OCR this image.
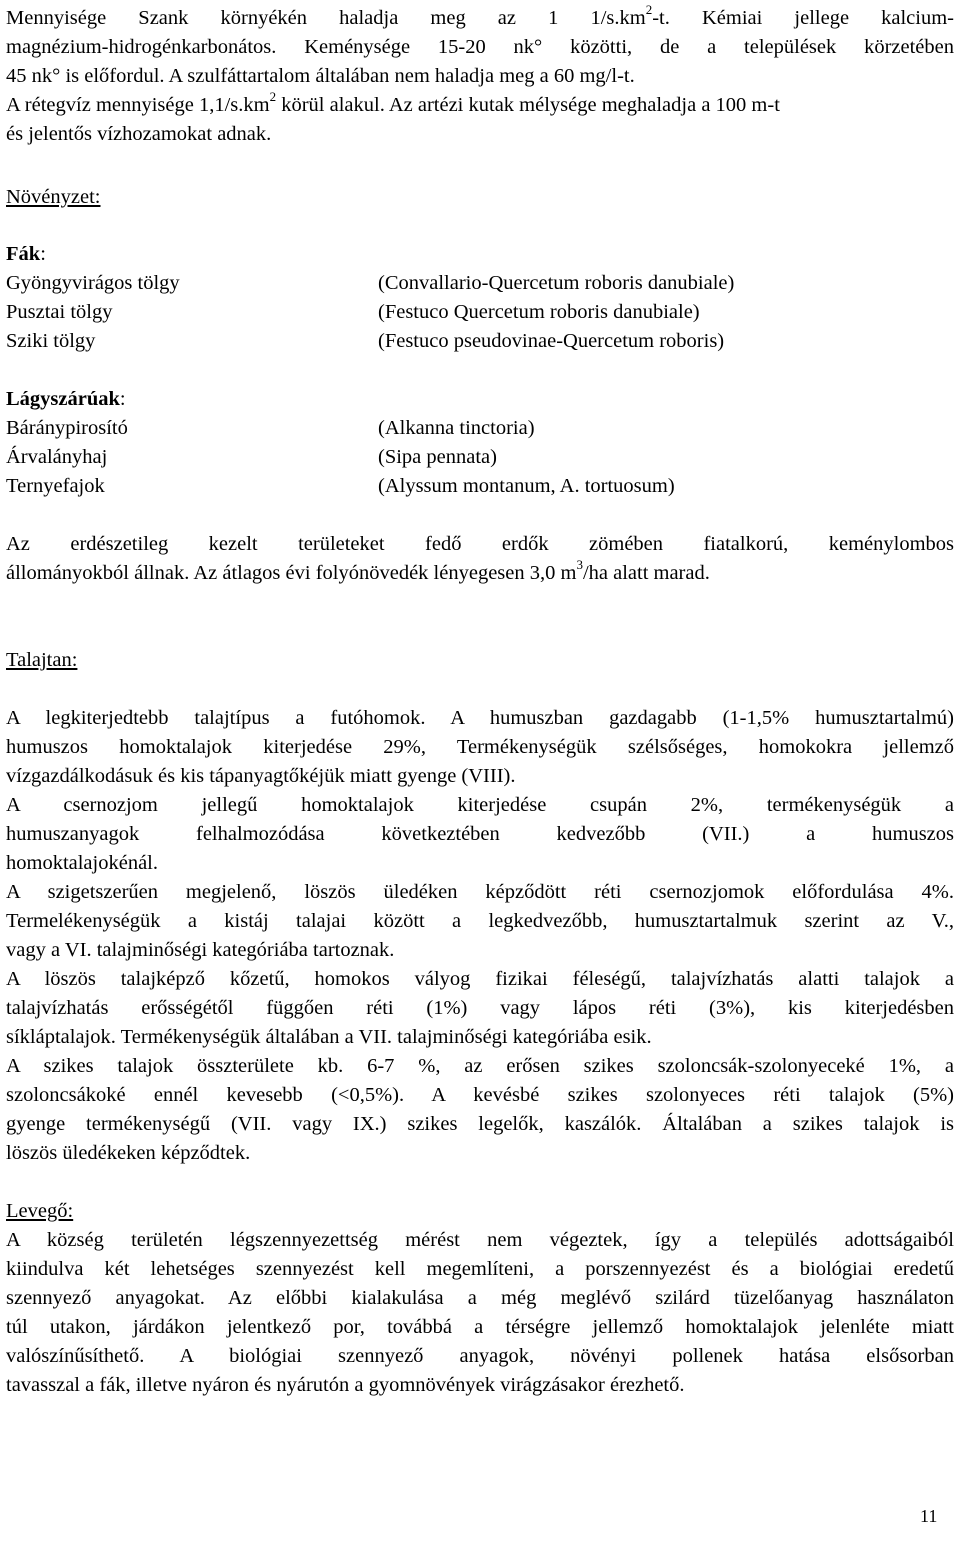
Mennyisége Szank környékén haladja meg az 1 $1/s.km^2-t$. Kémiai jellege kalcium-
magnézium-hidrogénkarbonátos. Keménysége 15-20 nk° közötti, de a települések körzetében
45 nk° is előfordul. A szulfáttartalom általában nem haladja meg a 60 mg/l-t.
A rétegvíz mennyisége $1,1/s.km^2$ körül alakul. Az artézi kutak mélysége meghaladja a 100 m-t
és jelentős vízhozamokat adnak.
Növényzet:
Fák:
Gyöngyvirágos tölgy	(Convallario-Quercetum roboris danubiale)
Pusztai tölgy	(Festuco Quercetum roboris danubiale)
Sziki tölgy	(Festuco pseudovinae-Quercetum roboris)
Lágyszárúak:
Báránypirosító	(Alkanna tinctoria)
Árvalányhaj	(Sipa pennata)
Ternyefajok	(Alyssum montanum, A. tortuosum)
Az erdészetileg kezelt területeket fedő erdők zömében fiatalkorú, keménylombos
állományokból állnak. Az átlagos évi folyónövedék lényegesen 3,0 $m^3/ha$ alatt marad.
Talajtan:
A legkiterjedtebb talajtípus a futóhomok. A humuszban gazdagabb (1-1,5% humusztartalmú)
humuszos homoktalajok kiterjedése 29%, Termékenységük szélsőséges, homokokra jellemző
vízgazdálkodásuk és kis tápanyagtőkéjük miatt gyenge (VIII).
A csernozjom jellegű homoktalajok kiterjedése csupán 2%, termékenységük a
humuszanyagok felhalmozódása következtében kedvezőbb (VII.) a humuszos
homoktalajokénál.
A szigetszerűen megjelenő, löszös üledéken képződött réti csernozjomok előfordulása 4%.
Termelékenységük a kistáj talajai között a legkedvezőbb, humusztartalmuk szerint az V.,
vagy a VI. talajminőségi kategóriába tartoznak.
A löszös talajképző kőzetű, homokos vályog fizikai féleségű, talajvízhatás alatti talajok a
talajvízhatás erősségétől függően réti (1%) vagy lápos réti (3%), kis kiterjedésben
síkláptalajok. Termékenységük általában a VII. talajminőségi kategóriába esik.
A szikes talajok összterülete kb. 6-7 %, az erősen szikes szoloncsák-szolonyeceké 1%, a
szoloncsákoké ennél kevesebb (<0,5%). A kevésbé szikes szolonyeces réti talajok (5%)
gyenge termékenységű (VII. vagy IX.) szikes legelők, kaszálók. Általában a szikes talajok is
löszös üledékeken képződtek.
Levegő:
A község területén légszennyezettség mérést nem végeztek, így a település adottságaiból
kiindulva két lehetséges szennyezést kell megemlíteni, a porszennyezést és a biológiai eredetű
szennyező anyagokat. Az előbbi kialakulása a még meglévő szilárd tüzelőanyag használaton
túl utakon, járdákon jelentkező por, továbbá a térségre jellemző homoktalajok jelenléte miatt
valószínűsíthető. A biológiai szennyező anyagok, növényi pollenek hatása elsősorban
tavasszal a fák, illetve nyáron és nyárutón a gyomnövények virágzásakor érezhető.
11
